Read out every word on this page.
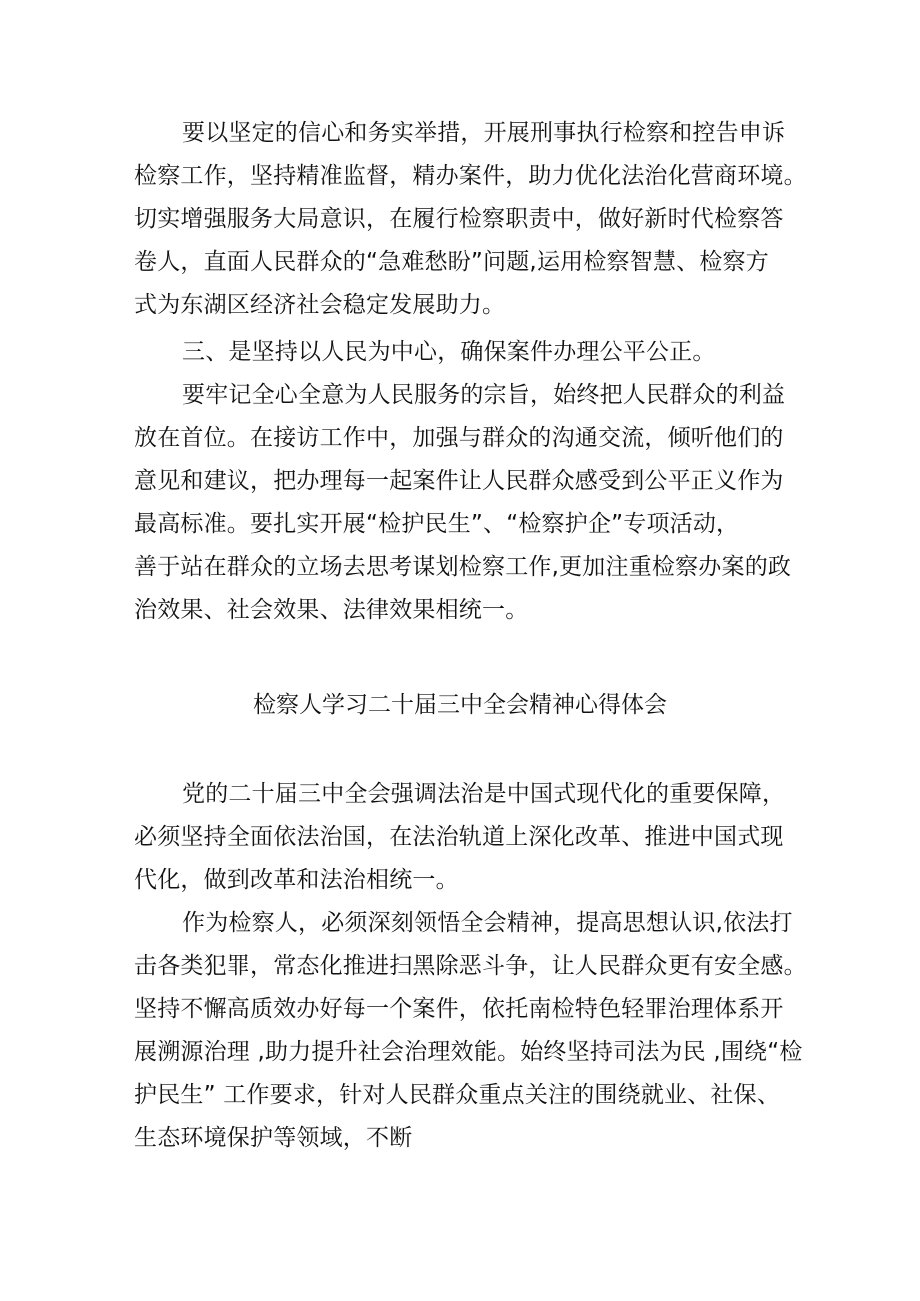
要以坚定的信心和务实举措，开展刑事执行检察和控告申诉
检察工作，坚持精准监督，精办案件，助力优化法治化营商环境。
切实增强服务大局意识，在履行检察职责中，做好新时代检察答
卷人，直面人民群众的“急难愁盼”问题,运用检察智慧、检察方
式为东湖区经济社会稳定发展助力。
三、是坚持以人民为中心，确保案件办理公平公正。
要牢记全心全意为人民服务的宗旨，始终把人民群众的利益
放在首位。在接访工作中，加强与群众的沟通交流，倾听他们的
意见和建议，把办理每一起案件让人民群众感受到公平正义作为
最高标准。要扎实开展“检护民生”、“检察护企”专项活动，
善于站在群众的立场去思考谋划检察工作,更加注重检察办案的政
治效果、社会效果、法律效果相统一。
检察人学习二十届三中全会精神心得体会
党的二十届三中全会强调法治是中国式现代化的重要保障，
必须坚持全面依法治国，在法治轨道上深化改革、推进中国式现
代化，做到改革和法治相统一。
作为检察人，必须深刻领悟全会精神，提高思想认识,依法打
击各类犯罪，常态化推进扫黑除恶斗争，让人民群众更有安全感。
坚持不懈高质效办好每一个案件，依托南检特色轻罪治理体系开
展溯源治理 ,助力提升社会治理效能。始终坚持司法为民 ,围绕“检
护民生” 工作要求，针对人民群众重点关注的围绕就业、社保、
生态环境保护等领域，不断
